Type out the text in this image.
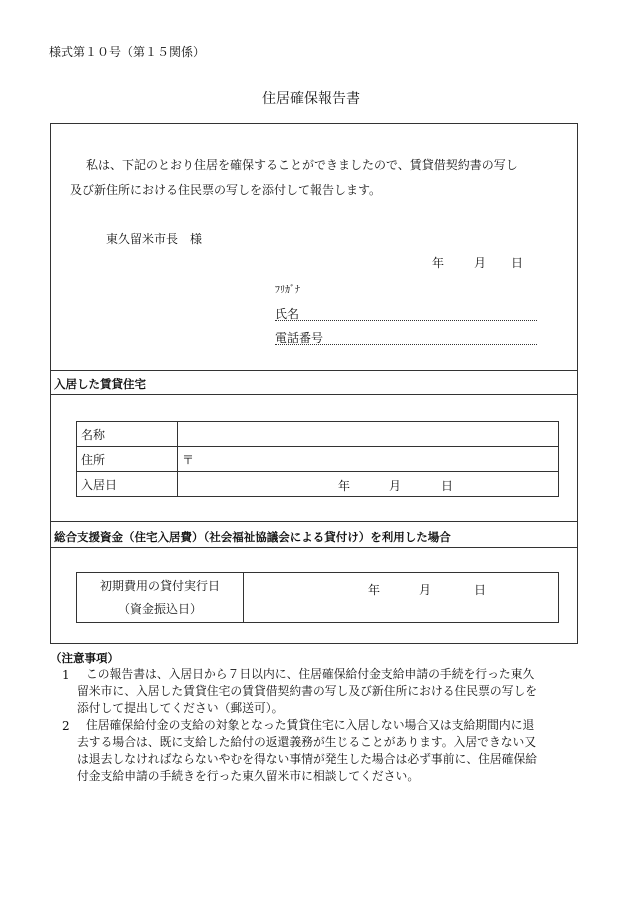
様式第１０号（第１５関係）
住居確保報告書
私は、下記のとおり住居を確保することができましたので、賃貸借契約書の写し
及び新住所における住民票の写しを添付して報告します。
東久留米市長　様
年 月 日
ﾌﾘｶﾞﾅ
氏名
電話番号
入居した賃貸住宅
名称	
住所	〒
入居日	年 月 日
総合支援資金（住宅入居費）（社会福祉協議会による貸付け）を利用した場合
初期費用の貸付実行日
（資金振込日）

年	月	日
（注意事項）
1 この報告書は、入居日から７日以内に、住居確保給付金支給申請の手続を行った東久
留米市に、入居した賃貸住宅の賃貸借契約書の写し及び新住所における住民票の写しを
添付して提出してください（郵送可）。
2 住居確保給付金の支給の対象となった賃貸住宅に入居しない場合又は支給期間内に退
去する場合は、既に支給した給付の返還義務が生じることがあります。入居できない又
は退去しなければならないやむを得ない事情が発生した場合は必ず事前に、住居確保給
付金支給申請の手続きを行った東久留米市に相談してください。
